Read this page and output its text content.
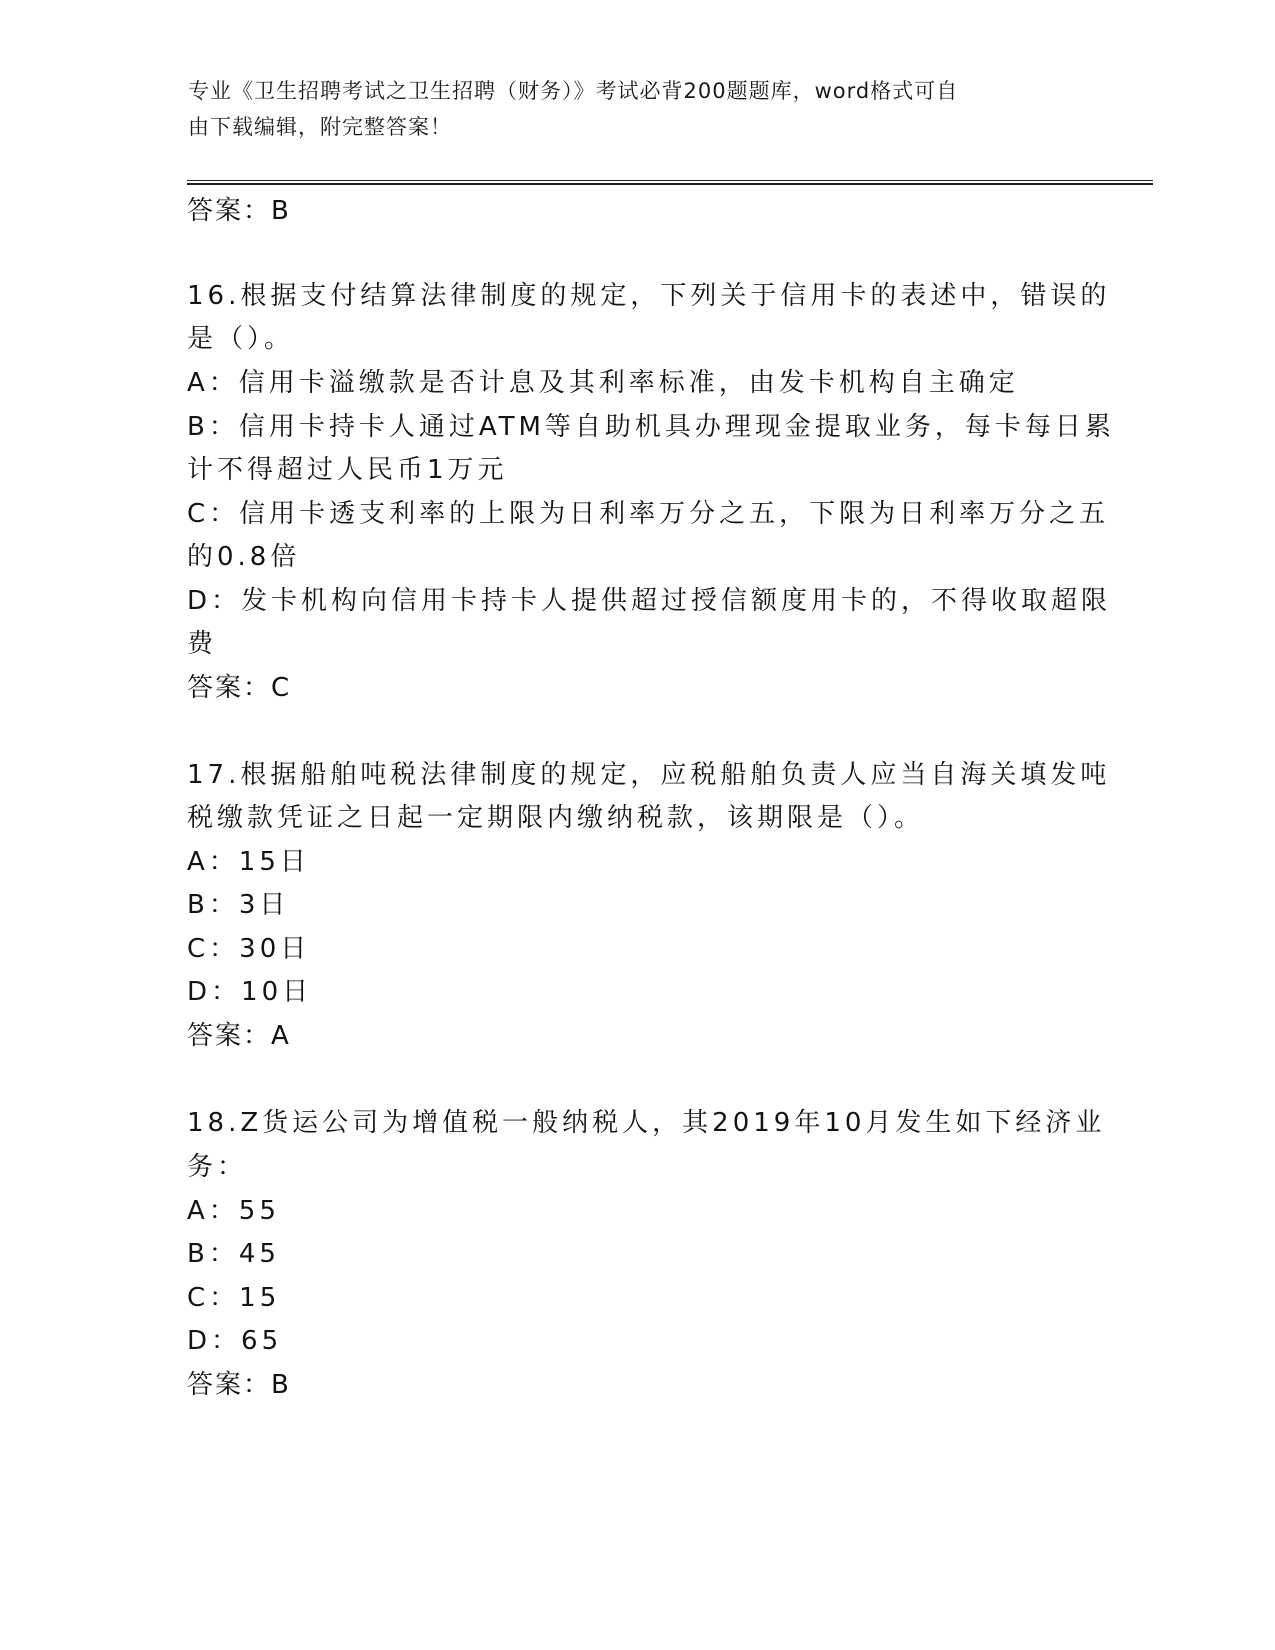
专业《卫生招聘考试之卫生招聘（财务）》考试必背200题题库，word格式可自
由下载编辑，附完整答案！
答案：B
16.根据支付结算法律制度的规定，下列关于信用卡的表述中，错误的
是（）。
A：信用卡溢缴款是否计息及其利率标准，由发卡机构自主确定
B：信用卡持卡人通过ATM等自助机具办理现金提取业务，每卡每日累
计不得超过人民币1万元
C：信用卡透支利率的上限为日利率万分之五，下限为日利率万分之五
的0.8倍
D：发卡机构向信用卡持卡人提供超过授信额度用卡的，不得收取超限
费
答案：C
17.根据船舶吨税法律制度的规定，应税船舶负责人应当自海关填发吨
税缴款凭证之日起一定期限内缴纳税款，该期限是（）。
A：15日
B：3日
C：30日
D：10日
答案：A
18.Z货运公司为增值税一般纳税人，其2019年10月发生如下经济业
务：
A：55
B：45
C：15
D：65
答案：B
